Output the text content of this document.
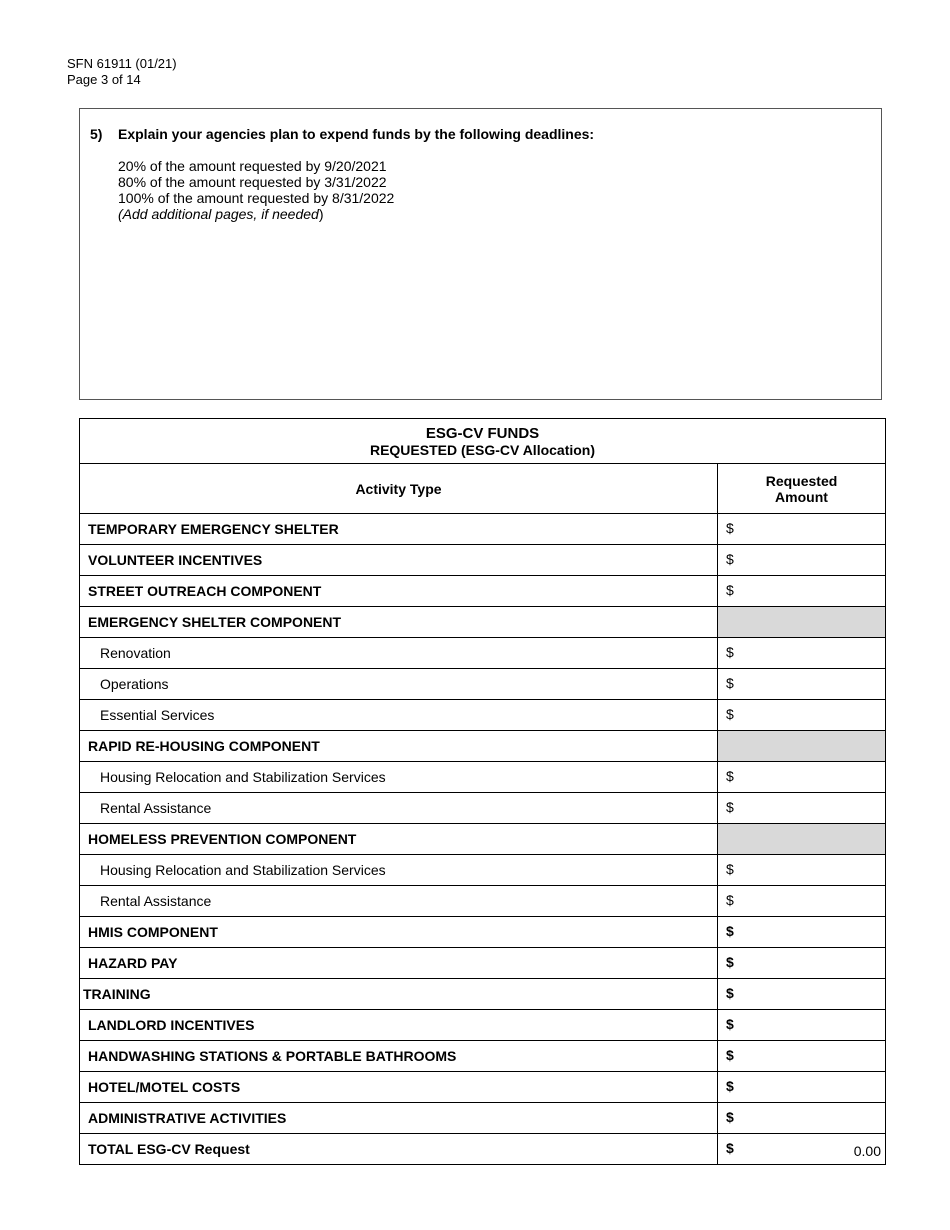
SFN 61911 (01/21)
Page 3 of 14
5) Explain your agencies plan to expend funds by the following deadlines:
20% of the amount requested by 9/20/2021
80% of the amount requested by 3/31/2022
100% of the amount requested by 8/31/2022
(Add additional pages, if needed)
ESG-CV FUNDS
REQUESTED (ESG-CV Allocation)	

Activity Type	Requested
Amount

TEMPORARY EMERGENCY SHELTER	$

VOLUNTEER INCENTIVES	$

STREET OUTREACH COMPONENT	$

EMERGENCY SHELTER COMPONENT	
Renovation	$

Operations	$

Essential Services	$

RAPID RE-HOUSING COMPONENT	
Housing Relocation and Stabilization Services	$

Rental Assistance	$

HOMELESS PREVENTION COMPONENT	
Housing Relocation and Stabilization Services	$

Rental Assistance	$

HMIS COMPONENT	$

HAZARD PAY	$

TRAINING	$

LANDLORD INCENTIVES	$

HANDWASHING STATIONS & PORTABLE BATHROOMS	$

HOTEL/MOTEL COSTS	$

ADMINISTRATIVE ACTIVITIES	$

TOTAL ESG-CV Request	$ 0.00
